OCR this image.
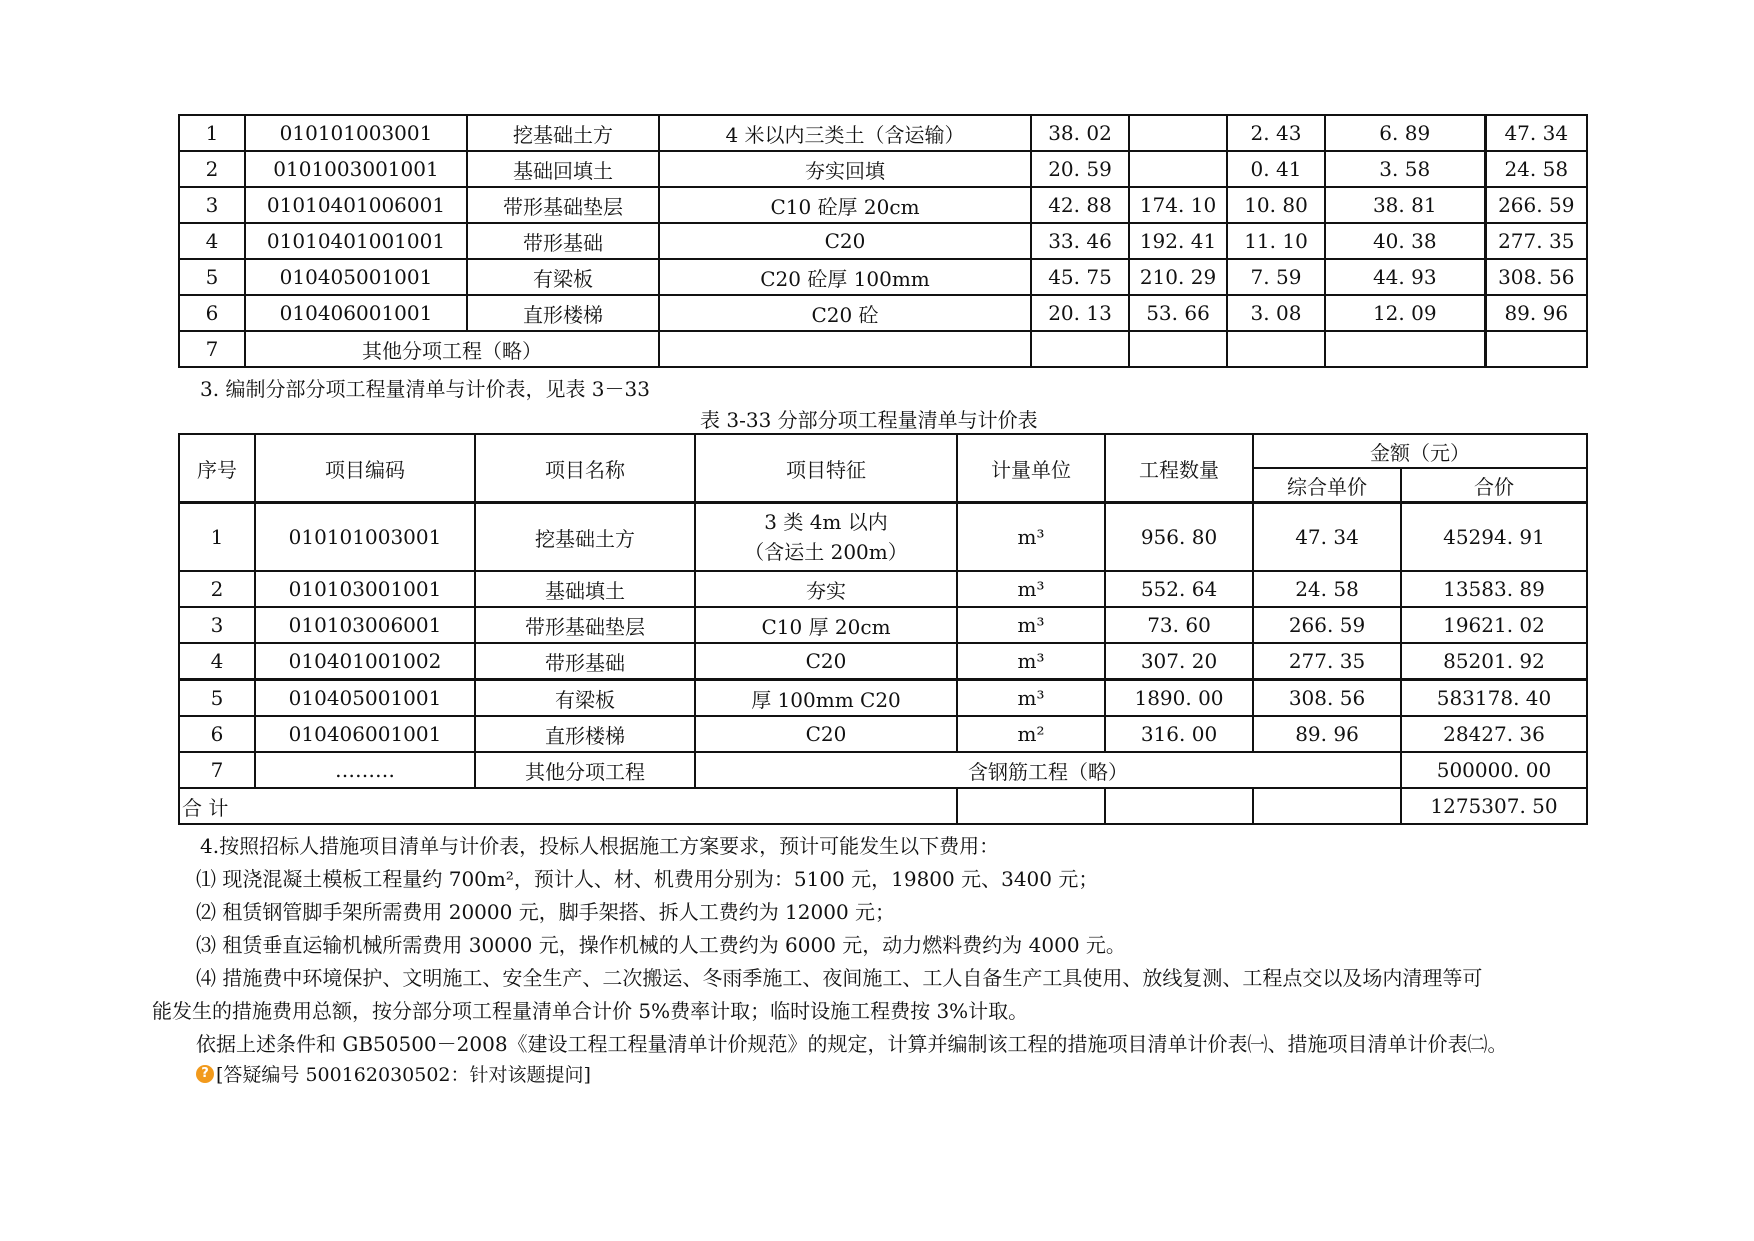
1	010101003001	挖基础土方	4 米以内三类土（含运输）	38. 02		2. 43	6. 89	47. 34
2	0101003001001	基础回填土	夯实回填	20. 59		0. 41	3. 58	24. 58
3	01010401006001	带形基础垫层	C10 砼厚 20cm	42. 88	174. 10	10. 80	38. 81	266. 59
4	01010401001001	带形基础	C20	33. 46	192. 41	11. 10	40. 38	277. 35
5	010405001001	有梁板	C20 砼厚 100mm	45. 75	210. 29	7. 59	44. 93	308. 56
6	010406001001	直形楼梯	C20 砼	20. 13	53. 66	3. 08	12. 09	89. 96
7	其他分项工程（略）							
3. 编制分部分项工程量清单与计价表，见表 3－33
表 3-33 分部分项工程量清单与计价表
序号	项目编码	项目名称	项目特征	计量单位	工程数量	金额（元）	
						综合单价	合价
1	010101003001	挖基础土方	3 类 4m 以内
（含运土 200m）	m³	956. 80	47. 34	45294. 91
2	010103001001	基础填土	夯实	m³	552. 64	24. 58	13583. 89
3	010103006001	带形基础垫层	C10 厚 20cm	m³	73. 60	266. 59	19621. 02
4	010401001002	带形基础	C20	m³	307. 20	277. 35	85201. 92
5	010405001001	有梁板	厚 100mm C20	m³	1890. 00	308. 56	583178. 40
6	010406001001	直形楼梯	C20	m²	316. 00	89. 96	28427. 36
7	………	其他分项工程	含钢筋工程（略）				500000. 00
合 计							1275307. 50
4.按照招标人措施项目清单与计价表，投标人根据施工方案要求，预计可能发生以下费用：
⑴ 现浇混凝土模板工程量约 700m²，预计人、材、机费用分别为：5100 元，19800 元、3400 元；
⑵ 租赁钢管脚手架所需费用 20000 元，脚手架搭、拆人工费约为 12000 元；
⑶ 租赁垂直运输机械所需费用 30000 元，操作机械的人工费约为 6000 元，动力燃料费约为 4000 元。
⑷ 措施费中环境保护、文明施工、安全生产、二次搬运、冬雨季施工、夜间施工、工人自备生产工具使用、放线复测、工程点交以及场内清理等可
能发生的措施费用总额，按分部分项工程量清单合计价 5%费率计取；临时设施工程费按 3%计取。
依据上述条件和 GB50500－2008《建设工程工程量清单计价规范》的规定，计算并编制该工程的措施项目清单计价表㈠、措施项目清单计价表㈡。
? [答疑编号 500162030502：针对该题提问]
